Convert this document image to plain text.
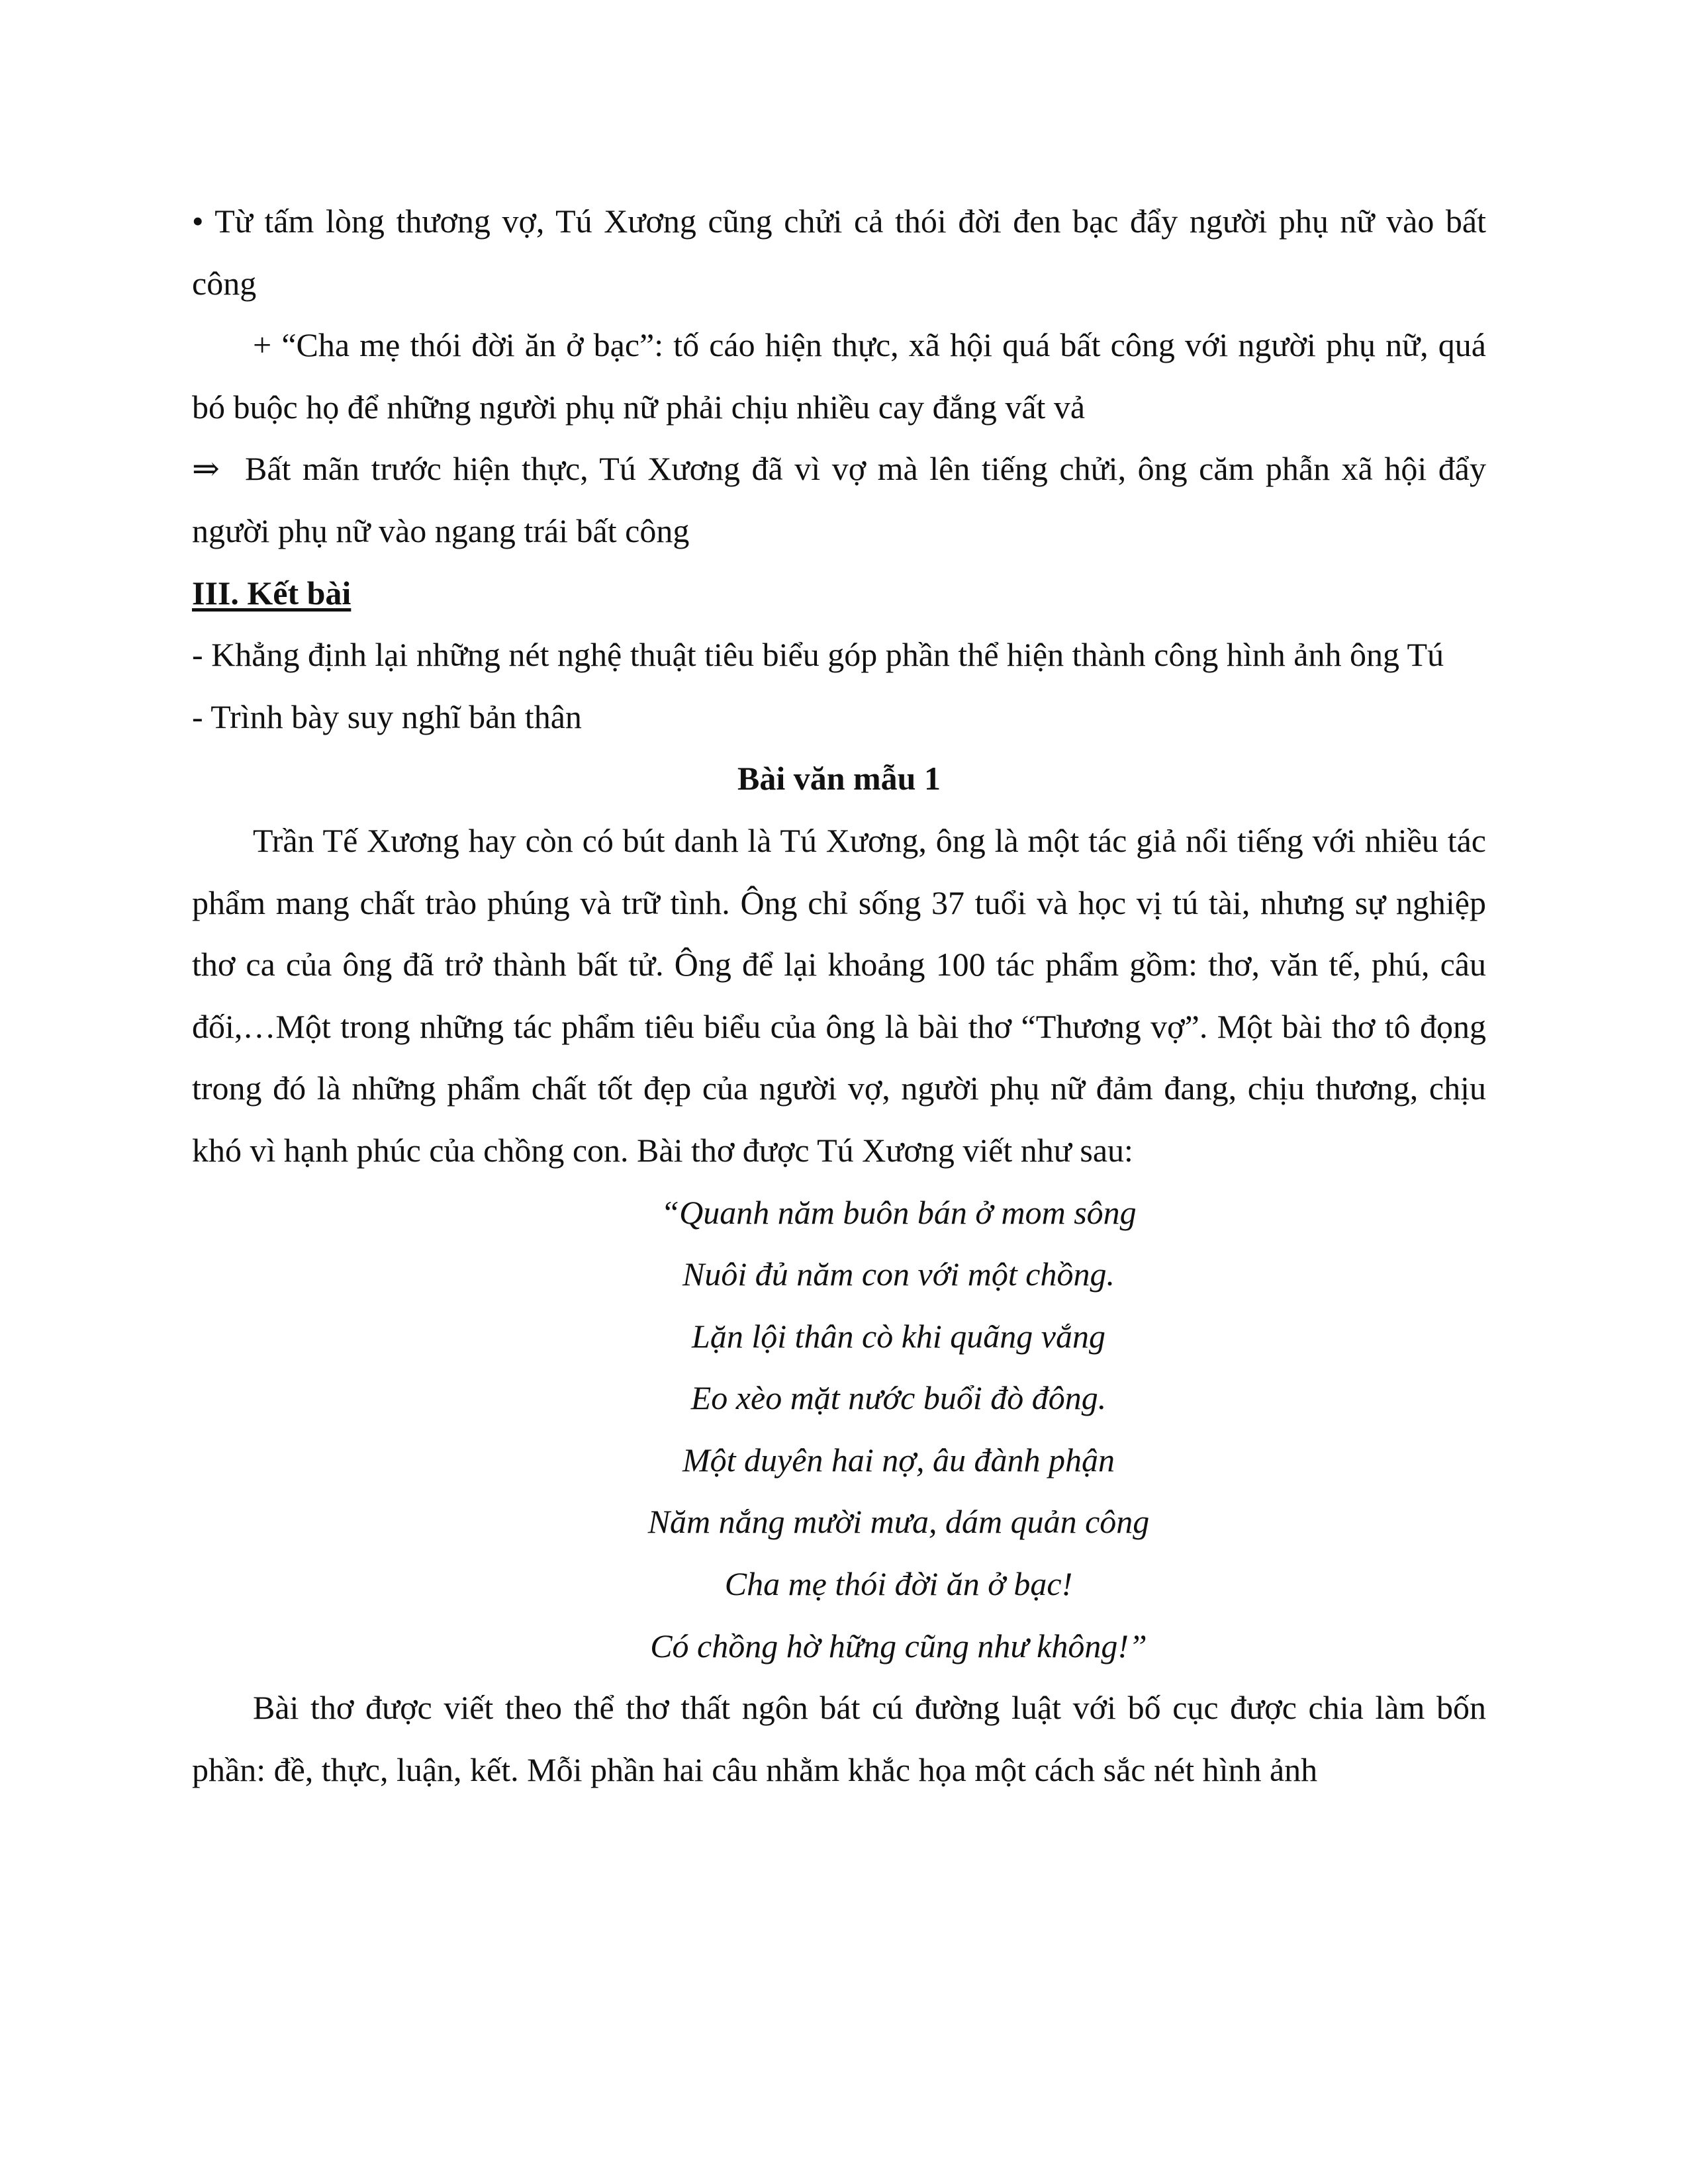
• Từ tấm lòng thương vợ, Tú Xương cũng chửi cả thói đời đen bạc đẩy người phụ nữ vào bất công

+ “Cha mẹ thói đời ăn ở bạc”: tố cáo hiện thực, xã hội quá bất công với người phụ nữ, quá bó buộc họ để những người phụ nữ phải chịu nhiều cay đắng vất vả

⇒ Bất mãn trước hiện thực, Tú Xương đã vì vợ mà lên tiếng chửi, ông căm phẫn xã hội đẩy người phụ nữ vào ngang trái bất công

III. Kết bài

- Khẳng định lại những nét nghệ thuật tiêu biểu góp phần thể hiện thành công hình ảnh ông Tú

- Trình bày suy nghĩ bản thân

Bài văn mẫu 1

Trần Tế Xương hay còn có bút danh là Tú Xương, ông là một tác giả nổi tiếng với nhiều tác phẩm mang chất trào phúng và trữ tình. Ông chỉ sống 37 tuổi và học vị tú tài, nhưng sự nghiệp thơ ca của ông đã trở thành bất tử. Ông để lại khoảng 100 tác phẩm gồm: thơ, văn tế, phú, câu đối,…Một trong những tác phẩm tiêu biểu của ông là bài thơ “Thương vợ”. Một bài thơ tô đọng trong đó là những phẩm chất tốt đẹp của người vợ, người phụ nữ đảm đang, chịu thương, chịu khó vì hạnh phúc của chồng con. Bài thơ được Tú Xương viết như sau:

“Quanh năm buôn bán ở mom sông
Nuôi đủ năm con với một chồng.
Lặn lội thân cò khi quãng vắng
Eo xèo mặt nước buổi đò đông.
Một duyên hai nợ, âu đành phận
Năm nắng mười mưa, dám quản công
Cha mẹ thói đời ăn ở bạc!
Có chồng hờ hững cũng như không!”

Bài thơ được viết theo thể thơ thất ngôn bát cú đường luật với bố cục được chia làm bốn phần: đề, thực, luận, kết. Mỗi phần hai câu nhằm khắc họa một cách sắc nét hình ảnh
